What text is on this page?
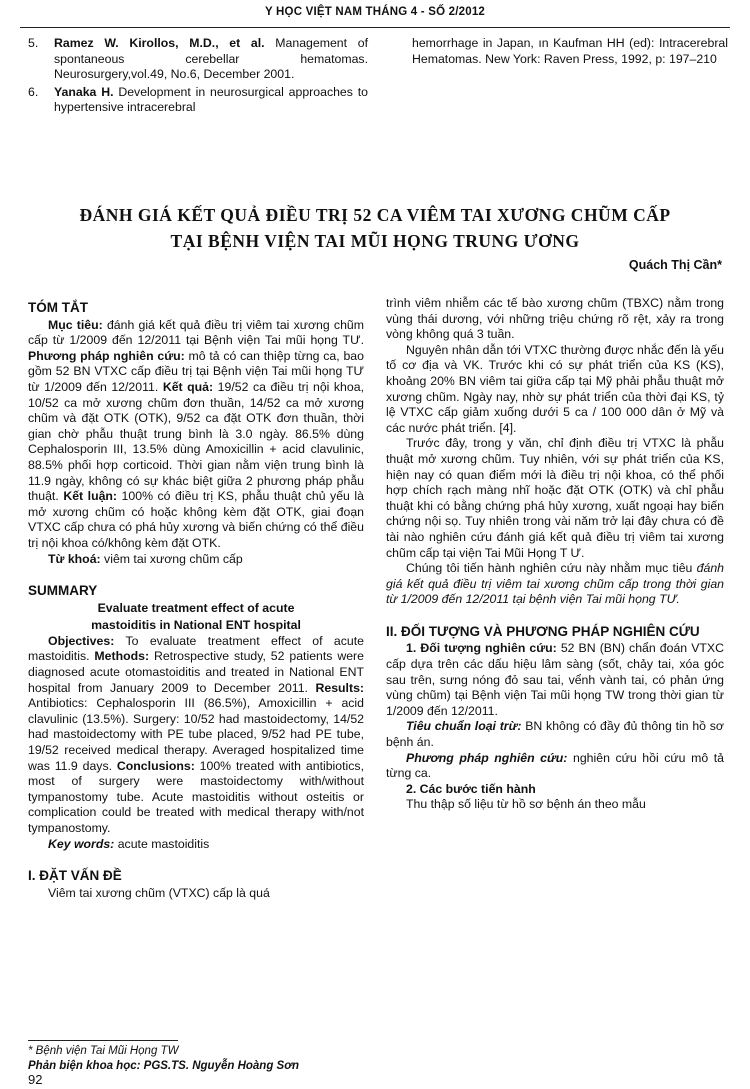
Y HỌC VIỆT NAM THÁNG 4 - SỐ 2/2012
5.	Ramez W. Kirollos, M.D., et al. Management of spontaneous cerebellar hematomas. Neurosurgery,vol.49, No.6, December 2001.
6.	Yanaka H. Development in neurosurgical approaches to hypertensive intracerebral
hemorrhage in Japan, ın Kaufman HH (ed): Intracerebral Hematomas. New York: Raven Press, 1992, p: 197–210
ĐÁNH GIÁ KẾT QUẢ ĐIỀU TRỊ 52 CA VIÊM TAI XƯƠNG CHŨM CẤP
TẠI BỆNH VIỆN TAI MŨI HỌNG TRUNG ƯƠNG
Quách Thị Cần*
TÓM TẮT

Mục tiêu: đánh giá kết quả điều trị viêm tai xương chũm cấp từ 1/2009 đến 12/2011 tại Bệnh viện Tai mũi họng TƯ. Phương pháp nghiên cứu: mô tả có can thiệp từng ca, bao gồm 52 BN VTXC cấp điều trị tại Bệnh viện Tai mũi họng TƯ từ 1/2009 đến 12/2011. Kết quả: 19/52 ca điều trị nội khoa, 10/52 ca mở xương chũm đơn thuần, 14/52 ca mở xương chũm và đặt OTK (OTK), 9/52 ca đặt OTK đơn thuần, thời gian chờ phẫu thuật trung bình là 3.0 ngày. 86.5% dùng Cephalosporin III, 13.5% dùng Amoxicillin + acid clavulinic, 88.5% phối hợp corticoid. Thời gian nằm viện trung bình là 11.9 ngày, không có sự khác biệt giữa 2 phương pháp phẫu thuật. Kết luận: 100% có điều trị KS, phẫu thuật chủ yếu là mở xương chũm có hoặc không kèm đặt OTK, giai đoạn VTXC cấp chưa có phá hủy xương và biến chứng có thể điều trị nội khoa có/không kèm đặt OTK.

Từ khoá: viêm tai xương chũm cấp

SUMMARY
Evaluate treatment effect of acute
mastoiditis in National ENT hospital

Objectives: To evaluate treatment effect of acute mastoiditis. Methods: Retrospective study, 52 patients were diagnosed acute otomastoiditis and treated in National ENT hospital from January 2009 to December 2011. Results: Antibiotics: Cephalosporin III (86.5%), Amoxicillin + acid clavulinic (13.5%). Surgery: 10/52 had mastoidectomy, 14/52 had mastoidectomy with PE tube placed, 9/52 had PE tube, 19/52 received medical therapy. Averaged hospitalized time was 11.9 days. Conclusions: 100% treated with antibiotics, most of surgery were mastoidectomy with/without tympanostomy tube. Acute mastoiditis without osteitis or complication could be treated with medical therapy with/not tympanostomy.

Key words: acute mastoiditis

I. ĐẶT VẤN ĐỀ

Viêm tai xương chũm (VTXC) cấp là quá

trình viêm nhiễm các tế bào xương chũm (TBXC) nằm trong vùng thái dương, với những triệu chứng rõ rệt, xảy ra trong vòng không quá 3 tuần.

Nguyên nhân dẫn tới VTXC thường được nhắc đến là yếu tố cơ địa và VK. Trước khi có sự phát triển của KS (KS), khoảng 20% BN viêm tai giữa cấp tại Mỹ phải phẫu thuật mở xương chũm. Ngày nay, nhờ sự phát triển của thời đại KS, tỷ lệ VTXC cấp giảm xuống dưới 5 ca / 100 000 dân ở Mỹ và các nước phát triển. [4].

Trước đây, trong y văn, chỉ định điều trị VTXC là phẫu thuật mở xương chũm. Tuy nhiên, với sự phát triển của KS, hiện nay có quan điểm mới là điều trị nội khoa, có thể phối hợp chích rạch màng nhĩ hoặc đặt OTK (OTK) và chỉ phẫu thuật khi có bằng chứng phá hủy xương, xuất ngoại hay biến chứng nội sọ. Tuy nhiên trong vài năm trở lại đây chưa có đề tài nào nghiên cứu đánh giá kết quả điều trị viêm tai xương chũm cấp tại viện Tai Mũi Họng T Ư.

Chúng tôi tiến hành nghiên cứu này nhằm mục tiêu đánh giá kết quả điều trị viêm tai xương chũm cấp trong thời gian từ 1/2009 đến 12/2011 tại bệnh viện Tai mũi họng TƯ.

II. ĐỐI TƯỢNG VÀ PHƯƠNG PHÁP NGHIÊN CỨU

1. Đối tượng nghiên cứu: 52 BN (BN) chẩn đoán VTXC cấp dựa trên các dấu hiệu lâm sàng (sốt, chảy tai, xóa góc sau trên, sưng nóng đỏ sau tai, vểnh vành tai, có phản ứng vùng chũm) tại Bệnh viện Tai mũi họng TW trong thời gian từ 1/2009 đến 12/2011.

Tiêu chuẩn loại trừ: BN không có đầy đủ thông tin hồ sơ bệnh án.

Phương pháp nghiên cứu: nghiên cứu hồi cứu mô tả từng ca.

2. Các bước tiến hành

Thu thập số liệu từ hồ sơ bệnh án theo mẫu

* Bệnh viện Tai Mũi Họng TW
Phản biện khoa học: PGS.TS. Nguyễn Hoàng Sơn
92
